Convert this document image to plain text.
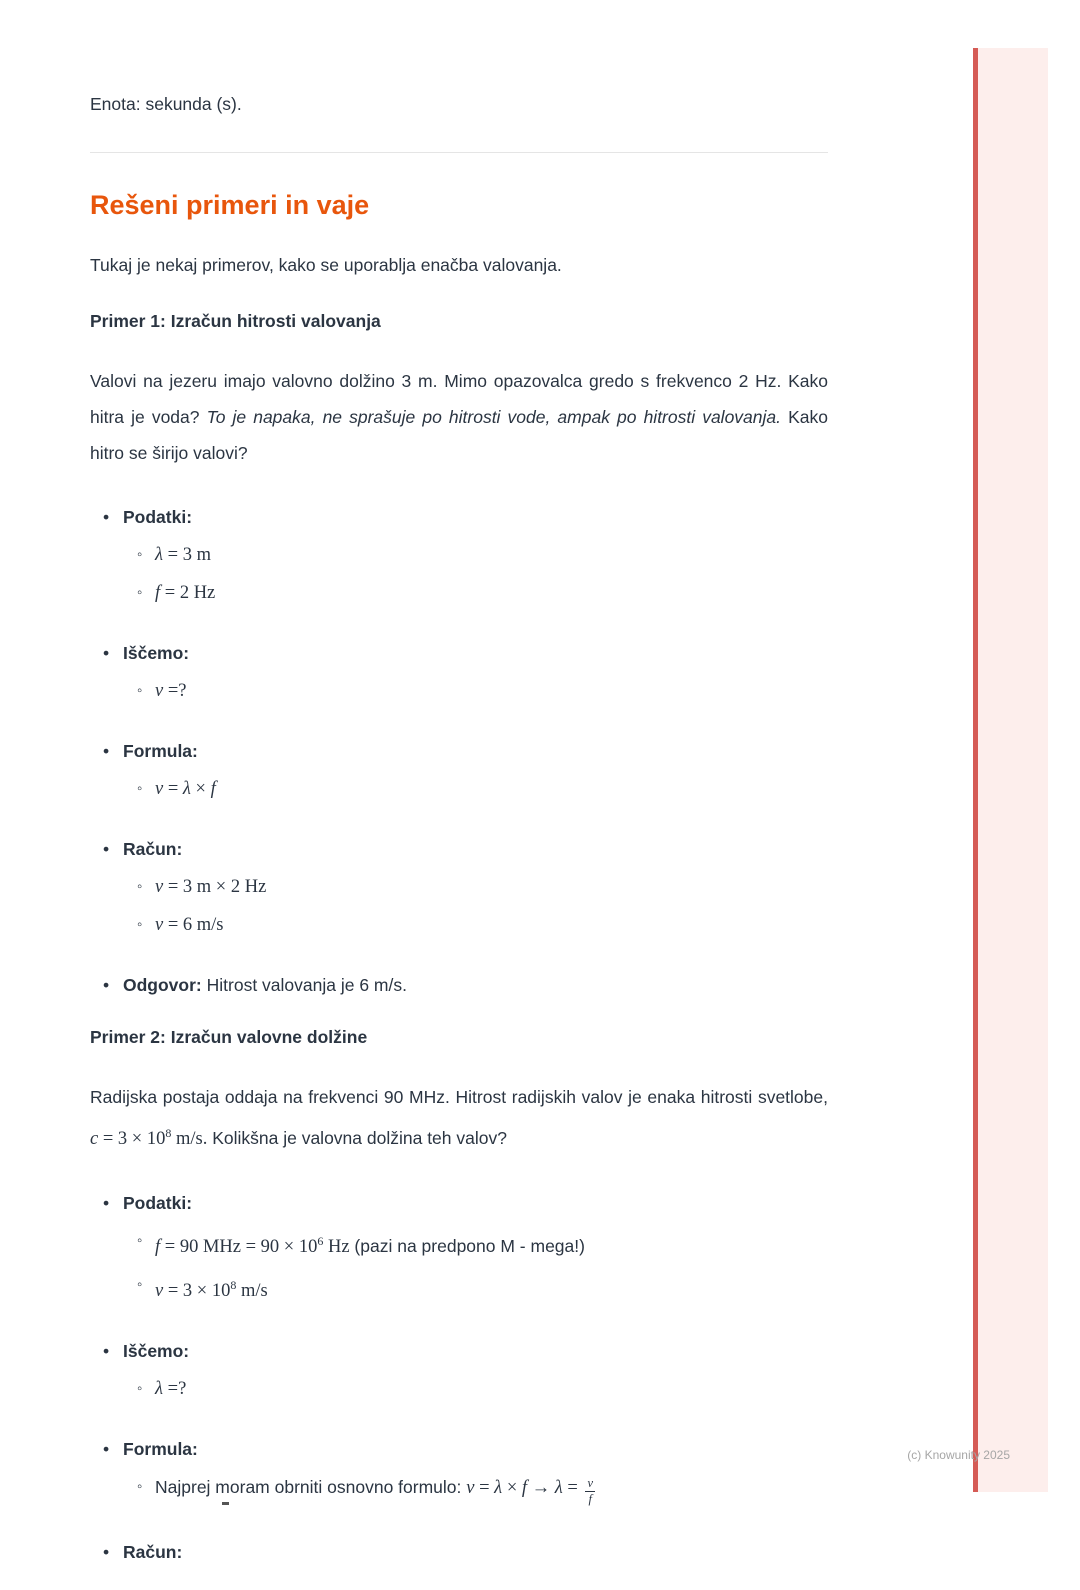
Enota: sekunda (s).

Rešeni primeri in vaje

Tukaj je nekaj primerov, kako se uporablja enačba valovanja.

Primer 1: Izračun hitrosti valovanja

Valovi na jezeru imajo valovno dolžino 3 m. Mimo opazovalca gredo s frekvenco 2 Hz. Kako hitra je voda? To je napaka, ne sprašuje po hitrosti vode, ampak po hitrosti valovanja. Kako hitro se širijo valovi?

• Podatki:
◦ λ = 3 m
◦ f = 2 Hz
• Iščemo:
◦ v =?
• Formula:
◦ v = λ × f
• Račun:
◦ v = 3 m × 2 Hz
◦ v = 6 m/s
• Odgovor: Hitrost valovanja je 6 m/s.
Primer 2: Izračun valovne dolžine

Radijska postaja oddaja na frekvenci 90 MHz. Hitrost radijskih valov je enaka hitrosti svetlobe, $c = 3 \times 10^8$ m/s. Kolikšna je valovna dolžina teh valov?

• Podatki:
◦ f = 90 MHz = $90 \times 10^6$ Hz (pazi na predpono M - mega!)
◦ $v = 3 \times 10^8$ m/s
• Iščemo:
◦ λ =?
• Formula:
◦ Najprej moram obrniti osnovno formulo: $v = \lambda \times f \to \lambda = \frac{v}{f}$
• Račun:
(c) Knowunity 2025
